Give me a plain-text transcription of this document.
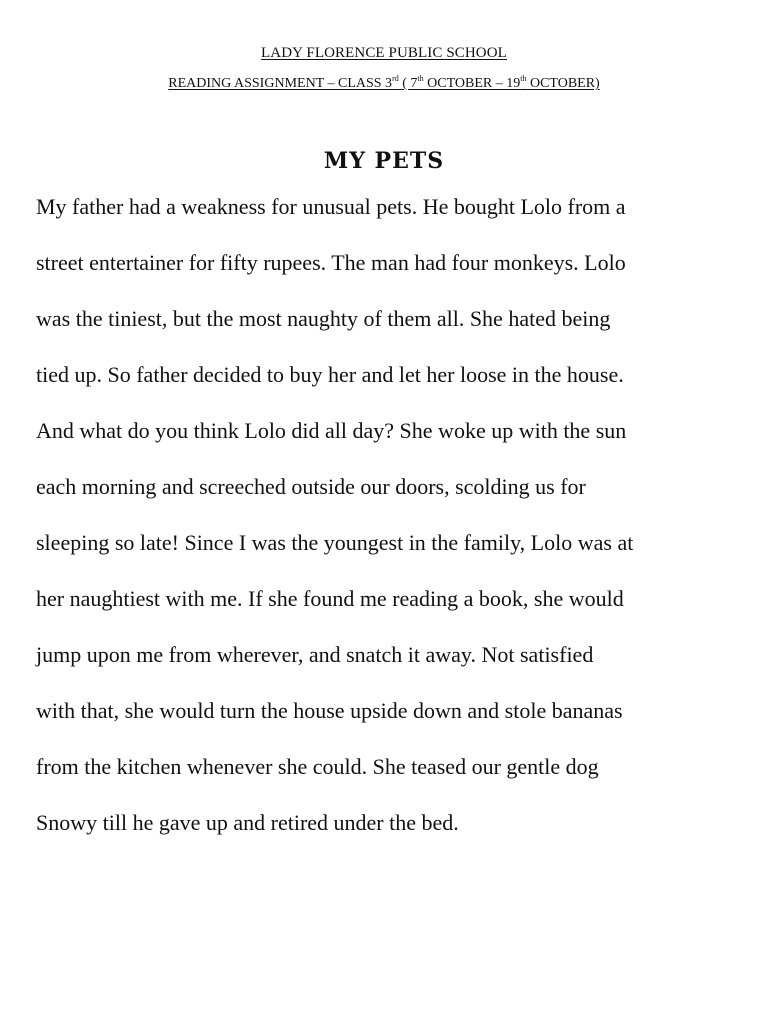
LADY FLORENCE PUBLIC SCHOOL
READING ASSIGNMENT – CLASS 3rd ( 7th OCTOBER – 19th OCTOBER)
MY PETS
My father had a weakness for unusual pets. He bought Lolo from a
street entertainer for fifty rupees. The man had four monkeys. Lolo
was the tiniest, but the most naughty of them all. She hated being
tied up. So father decided to buy her and let her loose in the house.
And what do you think Lolo did all day? She woke up with the sun
each morning and screeched outside our doors, scolding us for
sleeping so late! Since I was the youngest in the family, Lolo was at
her naughtiest with me. If she found me reading a book, she would
jump upon me from wherever, and snatch it away. Not satisfied
with that, she would turn the house upside down and stole bananas
from the kitchen whenever she could. She teased our gentle dog
Snowy till he gave up and retired under the bed.
